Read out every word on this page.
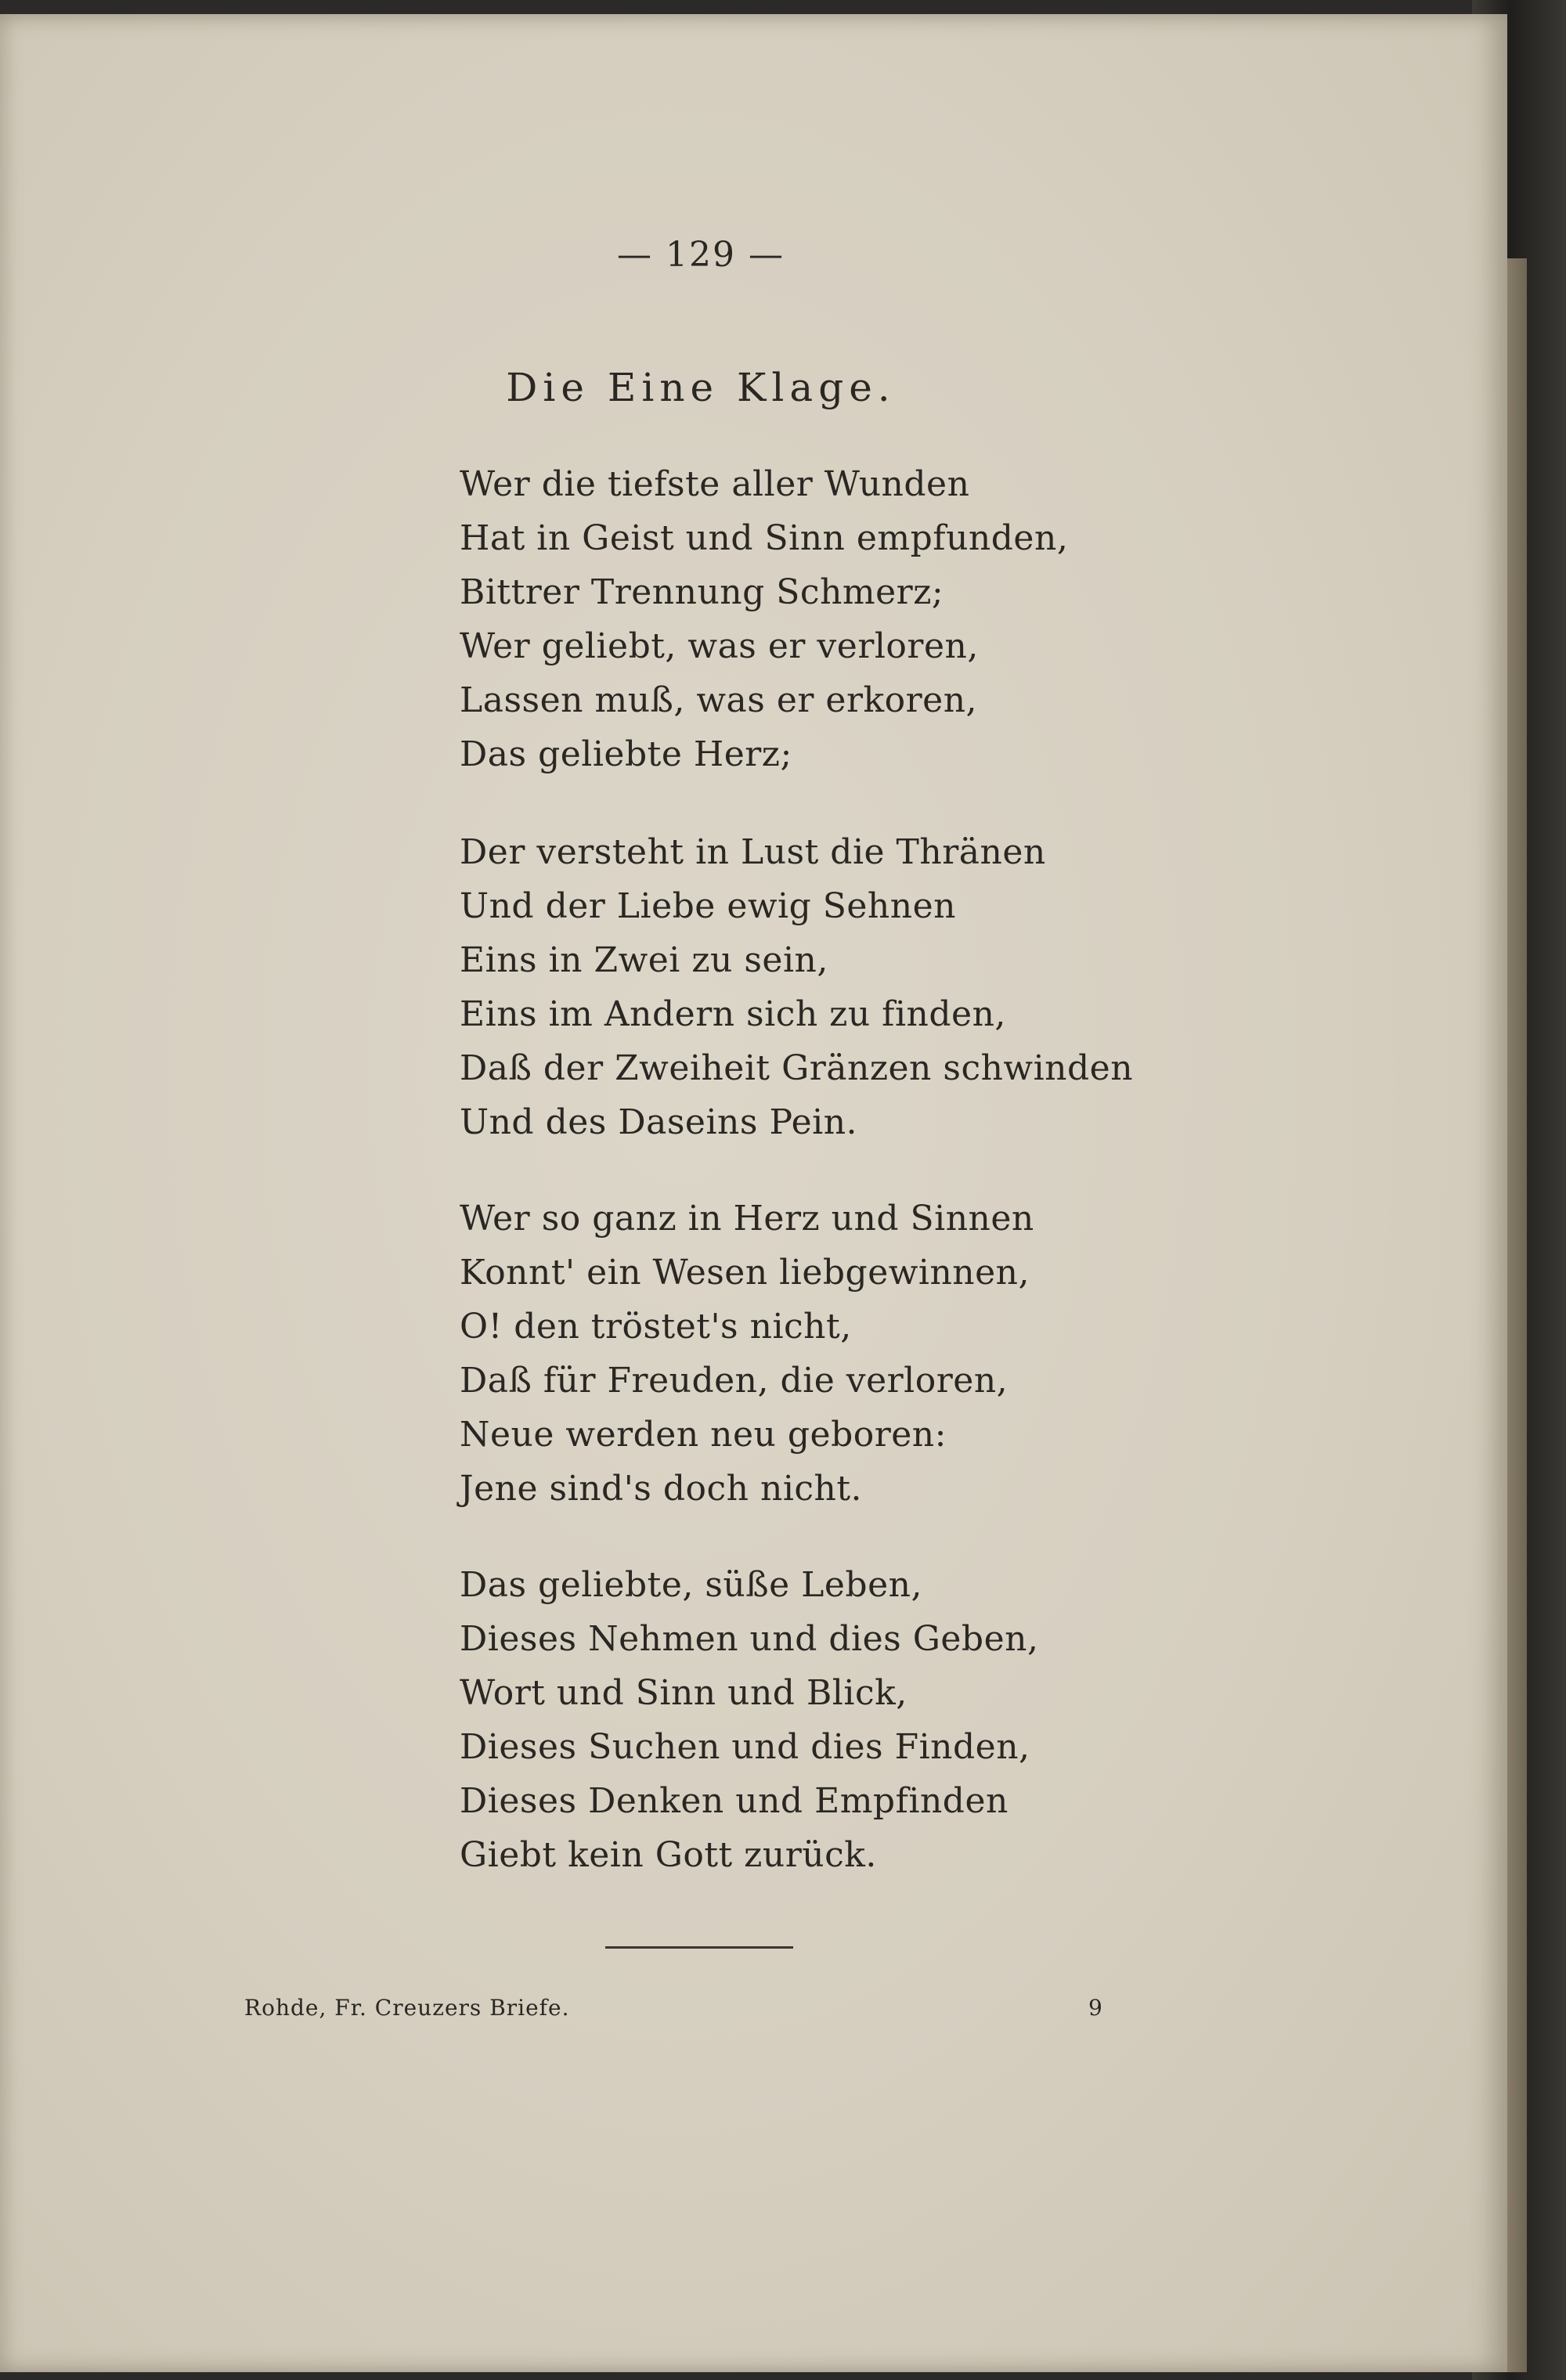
— 129 —
Die Eine Klage.
Wer die tiefste aller Wunden
Hat in Geist und Sinn empfunden,
Bittrer Trennung Schmerz;
Wer geliebt, was er verloren,
Lassen muß, was er erkoren,
Das geliebte Herz;
Der versteht in Lust die Thränen
Und der Liebe ewig Sehnen
Eins in Zwei zu sein,
Eins im Andern sich zu finden,
Daß der Zweiheit Gränzen schwinden
Und des Daseins Pein.
Wer so ganz in Herz und Sinnen
Konnt' ein Wesen liebgewinnen,
O! den tröstet's nicht,
Daß für Freuden, die verloren,
Neue werden neu geboren:
Jene sind's doch nicht.
Das geliebte, süße Leben,
Dieses Nehmen und dies Geben,
Wort und Sinn und Blick,
Dieses Suchen und dies Finden,
Dieses Denken und Empfinden
Giebt kein Gott zurück.
Rohde, Fr. Creuzers Briefe.	9
